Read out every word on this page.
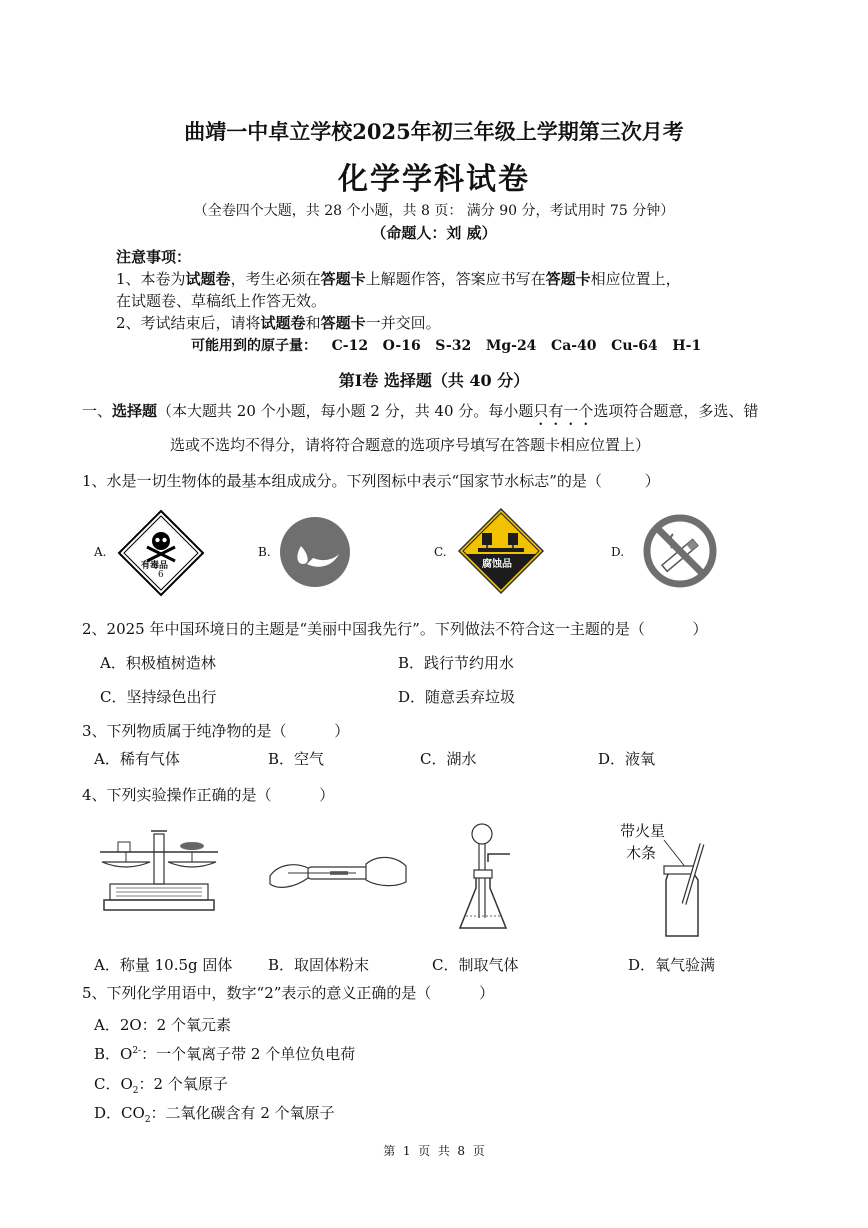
曲靖一中卓立学校2025年初三年级上学期第三次月考
化学学科试卷
（全卷四个大题，共 28 个小题，共 8 页： 满分 90 分，考试用时 75 分钟）
（命题人：刘 威）
注意事项：
1、本卷为试题卷，考生必须在答题卡上解题作答，答案应书写在答题卡相应位置上，
在试题卷、草稿纸上作答无效。
2、考试结束后，请将试题卷和答题卡一并交回。
可能用到的原子量： C-12   O-16   S-32   Mg-24   Ca-40   Cu-64   H-1
第Ⅰ卷 选择题（共 40 分）
一、选择题（本大题共 20 个小题，每小题 2 分，共 40 分。每小题只有一个选项符合题意，多选、错
选或不选均不得分，请将符合题意的选项序号填写在答题卡相应位置上）
1、水是一切生物体的最基本组成成分。下列图标中表示“国家节水标志”的是（         ）
A.
有毒品
6
B.	C.
腐蚀品
D.
2、2025 年中国环境日的主题是“美丽中国我先行”。下列做法不符合这一主题的是（          ）
A．积极植树造林	B．践行节约用水
C．坚持绿色出行	D．随意丢弃垃圾
3、下列物质属于纯净物的是（          ）
A．稀有气体	B．空气	C．湖水	D．液氧
4、下列实验操作正确的是（          ）
带火星
木条
A．称量 10.5g 固体 B．取固体粉末	C．制取气体	D．氧气验满
5、下列化学用语中，数字“2”表示的意义正确的是（          ）
A．2O：2 个氧元素
B．$O^{2-}$：一个氧离子带 2 个单位负电荷
C．$O_2$：2 个氧原子
D．$CO_2$：二氧化碳含有 2 个氧原子
第  1  页  共  8  页
